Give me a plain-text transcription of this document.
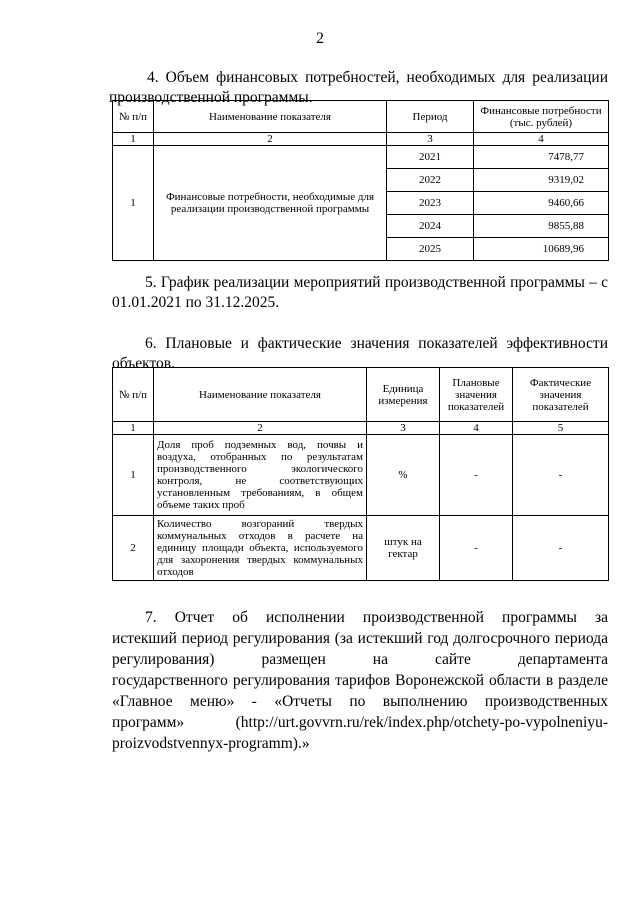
2
4. Объем финансовых потребностей, необходимых для реализации
производственной программы.
№ п/п	Наименование показателя	Период	Финансовые потребности (тыс. рублей)
1	2	3	4
1	Финансовые потребности, необходимые для реализации производственной программы	2021	7478,77
		2022	9319,02
		2023	9460,66
		2024	9855,88
		2025	10689,96
5. График реализации мероприятий производственной программы – с
01.01.2021 по 31.12.2025.
6. Плановые и фактические значения показателей эффективности
объектов.
№ п/п	Наименование показателя	Единица измерения	Плановые значения показателей	Фактические значения показателей
1	2	3	4	5
1	Доля проб подземных вод, почвы и воздуха, отобранных по результатам производственного экологического контроля, не соответствующих установленным требованиям, в общем объеме таких проб	%	-	-
2	Количество возгораний твердых коммунальных отходов в расчете на единицу площади объекта, используемого для захоронения твердых коммунальных отходов	штук на гектар	-	-
7. Отчет об исполнении производственной программы за
истекший период регулирования (за истекший год долгосрочного периода
регулирования) размещен на сайте департамента
государственного регулирования тарифов Воронежской области в разделе
«Главное меню» - «Отчеты по выполнению производственных
программ» (http://urt.govvrn.ru/rek/index.php/otchety-po-vypolneniyu-
proizvodstvennyx-programm).»
